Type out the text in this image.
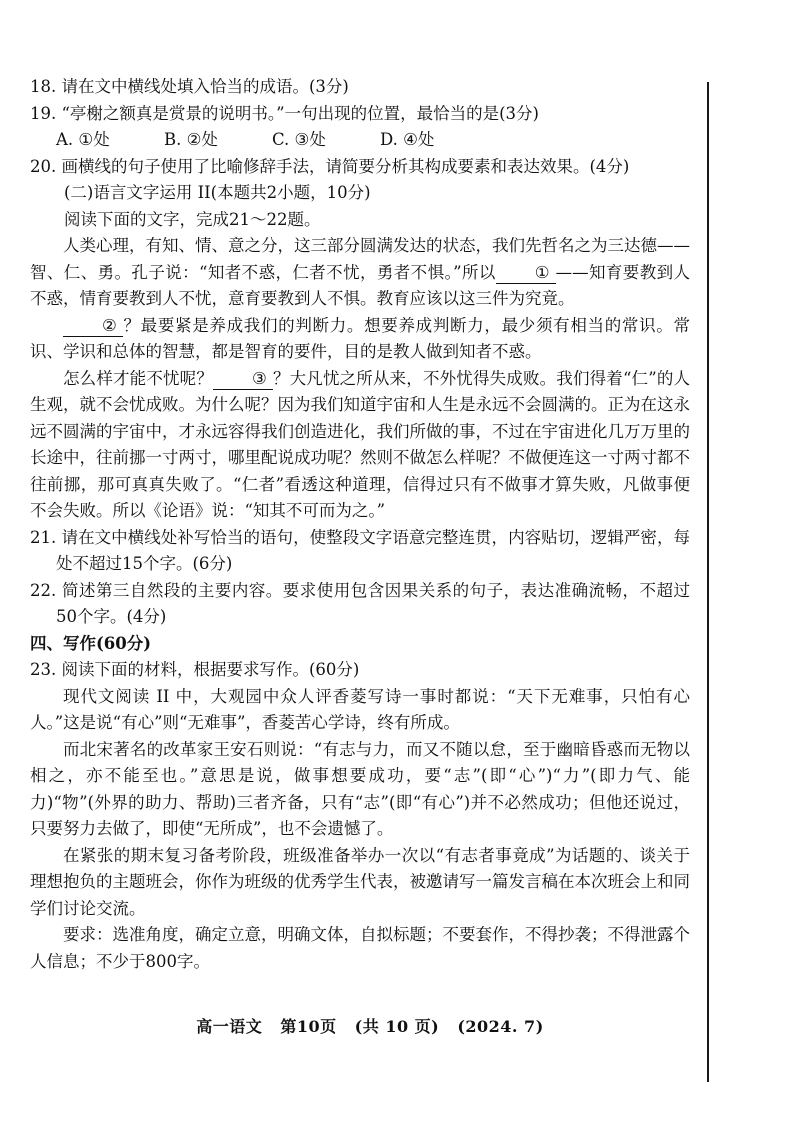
18. 请在文中横线处填入恰当的成语。(3分)

19. “亭榭之额真是赏景的说明书。”一句出现的位置，最恰当的是(3分)

A. ①处	B. ②处	C. ③处	D. ④处

20. 画横线的句子使用了比喻修辞手法，请简要分析其构成要素和表达效果。(4分)

(二)语言文字运用 II(本题共2小题，10分)

阅读下面的文字，完成21～22题。

人类心理，有知、情、意之分，这三部分圆满发达的状态，我们先哲名之为三达德——智、仁、勇。孔子说：“知者不惑，仁者不忧，勇者不惧。”所以 ① ——知育要教到人不惑，情育要教到人不忧，意育要教到人不惧。教育应该以这三件为究竟。

② ？最要紧是养成我们的判断力。想要养成判断力，最少须有相当的常识。常识、学识和总体的智慧，都是智育的要件，目的是教人做到知者不惑。

怎么样才能不忧呢？ ③ ？大凡忧之所从来，不外忧得失成败。我们得着“仁”的人生观，就不会忧成败。为什么呢？因为我们知道宇宙和人生是永远不会圆满的。正为在这永远不圆满的宇宙中，才永远容得我们创造进化，我们所做的事，不过在宇宙进化几万万里的长途中，往前挪一寸两寸，哪里配说成功呢？然则不做怎么样呢？不做便连这一寸两寸都不往前挪，那可真真失败了。“仁者”看透这种道理，信得过只有不做事才算失败，凡做事便不会失败。所以《论语》说：“知其不可而为之。”

21. 请在文中横线处补写恰当的语句，使整段文字语意完整连贯，内容贴切，逻辑严密，每处不超过15个字。(6分)

22. 简述第三自然段的主要内容。要求使用包含因果关系的句子，表达准确流畅，不超过50个字。(4分)

四、写作(60分)

23. 阅读下面的材料，根据要求写作。(60分)

现代文阅读 II 中，大观园中众人评香菱写诗一事时都说：“天下无难事，只怕有心人。”这是说“有心”则“无难事”，香菱苦心学诗，终有所成。

而北宋著名的改革家王安石则说：“有志与力，而又不随以怠，至于幽暗昏惑而无物以相之，亦不能至也。”意思是说，做事想要成功，要“志”(即“心”)“力”(即力气、能力)“物”(外界的助力、帮助)三者齐备，只有“志”(即“有心”)并不必然成功；但他还说过，只要努力去做了，即使“无所成”，也不会遗憾了。

在紧张的期末复习备考阶段，班级准备举办一次以“有志者事竟成”为话题的、谈关于理想抱负的主题班会，你作为班级的优秀学生代表，被邀请写一篇发言稿在本次班会上和同学们讨论交流。

要求：选准角度，确定立意，明确文体，自拟标题；不要套作，不得抄袭；不得泄露个人信息；不少于800字。

高一语文 第10页 (共 10 页) (2024. 7)
